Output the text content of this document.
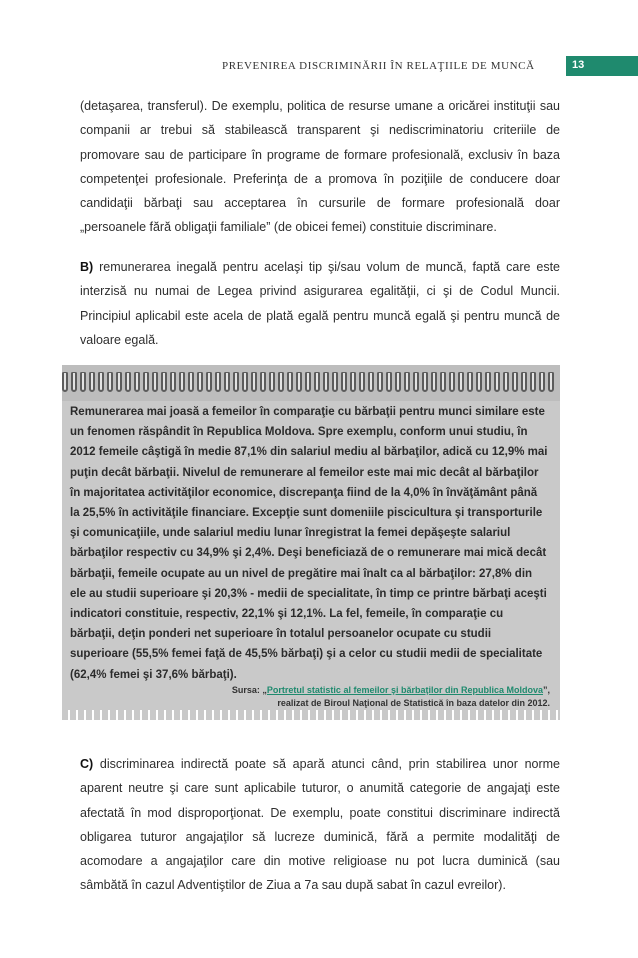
PREVENIREA DISCRIMINĂRII ÎN RELAŢIILE DE MUNCĂ	13
(detaşarea, transferul). De exemplu, politica de resurse umane a oricărei instituţii sau companii ar trebui să stabilească transparent şi nediscriminatoriu criteriile de promovare sau de participare în programe de formare profesională, exclusiv în baza competenţei profesionale. Preferinţa de a promova în poziţiile de conducere doar candidaţii bărbaţi sau acceptarea în cursurile de formare profesională doar „persoanele fără obligaţii familiale” (de obicei femei) constituie discriminare.
B) remunerarea inegală pentru acelaşi tip şi/sau volum de muncă, faptă care este interzisă nu numai de Legea privind asigurarea egalităţii, ci şi de Codul Muncii. Principiul aplicabil este acela de plată egală pentru muncă egală şi pentru muncă de valoare egală.
Remunerarea mai joasă a femeilor în comparaţie cu bărbaţii pentru munci similare este un fenomen răspândit în Republica Moldova. Spre exemplu, conform unui studiu, în 2012 femeile câştigă în medie 87,1% din salariul mediu al bărbaţilor, adică cu 12,9% mai puţin decât bărbaţii. Nivelul de remunerare al femeilor este mai mic decât al bărbaţilor în majoritatea activităţilor economice, discrepanţa fiind de la 4,0% în învăţământ până la 25,5% în activităţile financiare. Excepţie sunt domeniile piscicultura şi transporturile şi comunicaţiile, unde salariul mediu lunar înregistrat la femei depăşeşte salariul bărbaţilor respectiv cu 34,9% şi 2,4%. Deşi beneficiază de o remunerare mai mică decât bărbaţii, femeile ocupate au un nivel de pregătire mai înalt ca al bărbaţilor: 27,8% din ele au studii superioare şi 20,3% - medii de specialitate, în timp ce printre bărbaţi aceşti indicatori constituie, respectiv, 22,1% şi 12,1%. La fel, femeile, în comparaţie cu bărbaţii, deţin ponderi net superioare în totalul persoanelor ocupate cu studii superioare (55,5% femei faţă de 45,5% bărbaţi) şi a celor cu studii medii de specialitate (62,4% femei şi 37,6% bărbaţi).
Sursa: „Portretul statistic al femeilor şi bărbaţilor din Republica Moldova”,
realizat de Biroul Naţional de Statistică în baza datelor din 2012.
C) discriminarea indirectă poate să apară atunci când, prin stabilirea unor norme aparent neutre şi care sunt aplicabile tuturor, o anumită categorie de angajaţi este afectată în mod disproporţionat. De exemplu, poate constitui discriminare indirectă obligarea tuturor angajaţilor să lucreze duminică, fără a permite modalităţi de acomodare a angajaţilor care din motive religioase nu pot lucra duminică (sau sâmbătă în cazul Adventiştilor de Ziua a 7a sau după sabat în cazul evreilor).
